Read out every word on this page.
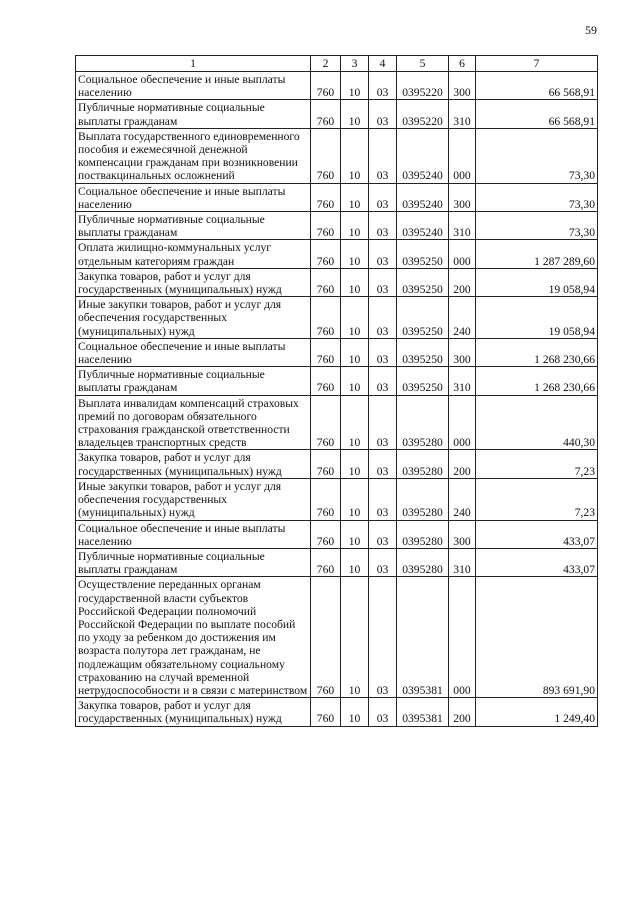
59
1	2	3	4	5	6	7
Социальное обеспечение и иные выплаты населению	760	10	03	0395220	300	66 568,91
Публичные нормативные социальные выплаты гражданам	760	10	03	0395220	310	66 568,91
Выплата государственного единовременного пособия и ежемесячной денежной компенсации гражданам при возникновении поствакцинальных осложнений	760	10	03	0395240	000	73,30
Социальное обеспечение и иные выплаты населению	760	10	03	0395240	300	73,30
Публичные нормативные социальные выплаты гражданам	760	10	03	0395240	310	73,30
Оплата жилищно-коммунальных услуг отдельным категориям граждан	760	10	03	0395250	000	1 287 289,60
Закупка товаров, работ и услуг для государственных (муниципальных) нужд	760	10	03	0395250	200	19 058,94
Иные закупки товаров, работ и услуг для обеспечения государственных (муниципальных) нужд	760	10	03	0395250	240	19 058,94
Социальное обеспечение и иные выплаты населению	760	10	03	0395250	300	1 268 230,66
Публичные нормативные социальные выплаты гражданам	760	10	03	0395250	310	1 268 230,66
Выплата инвалидам компенсаций страховых премий по договорам обязательного страхования гражданской ответственности владельцев транспортных средств	760	10	03	0395280	000	440,30
Закупка товаров, работ и услуг для государственных (муниципальных) нужд	760	10	03	0395280	200	7,23
Иные закупки товаров, работ и услуг для обеспечения государственных (муниципальных) нужд	760	10	03	0395280	240	7,23
Социальное обеспечение и иные выплаты населению	760	10	03	0395280	300	433,07
Публичные нормативные социальные выплаты гражданам	760	10	03	0395280	310	433,07
Осуществление переданных органам государственной власти субъектов Российской Федерации полномочий Российской Федерации по выплате пособий по уходу за ребенком до достижения им возраста полутора лет гражданам, не подлежащим обязательному социальному страхованию на случай временной нетрудоспособности и в связи с материнством	760	10	03	0395381	000	893 691,90
Закупка товаров, работ и услуг для государственных (муниципальных) нужд	760	10	03	0395381	200	1 249,40
